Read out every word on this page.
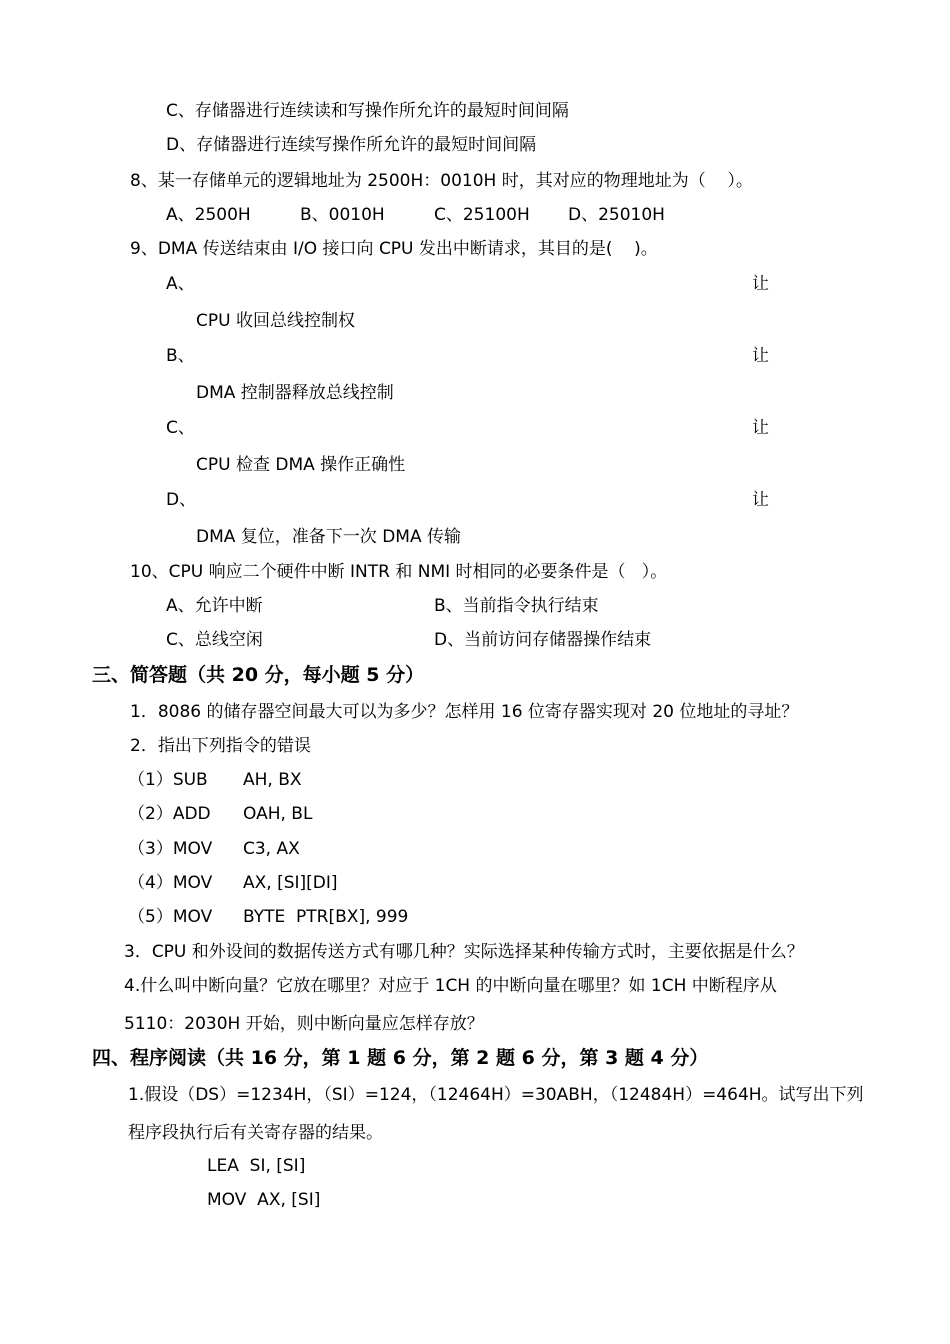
C、存储器进行连续读和写操作所允许的最短时间间隔
D、存储器进行连续写操作所允许的最短时间间隔
8、某一存储单元的逻辑地址为 2500H：0010H 时，其对应的物理地址为（    ）。
A、2500H	B、0010H	C、25100H D、25010H
9、DMA 传送结束由 I/O 接口向 CPU 发出中断请求，其目的是(    )。
A、	让
CPU 收回总线控制权
B、	让
DMA 控制器释放总线控制
C、	让
CPU 检查 DMA 操作正确性
D、	让
DMA 复位，准备下一次 DMA 传输
10、CPU 响应二个硬件中断 INTR 和 NMI 时相同的必要条件是（   ）。
A、允许中断	B、当前指令执行结束
C、总线空闲	D、当前访问存储器操作结束
三、简答题（共 20 分，每小题 5 分）
1．8086 的储存器空间最大可以为多少？怎样用 16 位寄存器实现对 20 位地址的寻址？
2．指出下列指令的错误
（1）SUB AH, BX
（2）ADD OAH, BL
（3）MOV C3, AX
（4）MOV AX, [SI][DI]
（5）MOV BYTE  PTR[BX], 999
3．CPU 和外设间的数据传送方式有哪几种？实际选择某种传输方式时，主要依据是什么？
4.什么叫中断向量？它放在哪里？对应于 1CH 的中断向量在哪里？如 1CH 中断程序从
5110：2030H 开始，则中断向量应怎样存放？
四、程序阅读（共 16 分，第 1 题 6 分，第 2 题 6 分，第 3 题 4 分）
1.假设（DS）=1234H，（SI）=124，（12464H）=30ABH，（12484H）=464H。试写出下列
程序段执行后有关寄存器的结果。
LEA  SI, [SI]
MOV  AX, [SI]
